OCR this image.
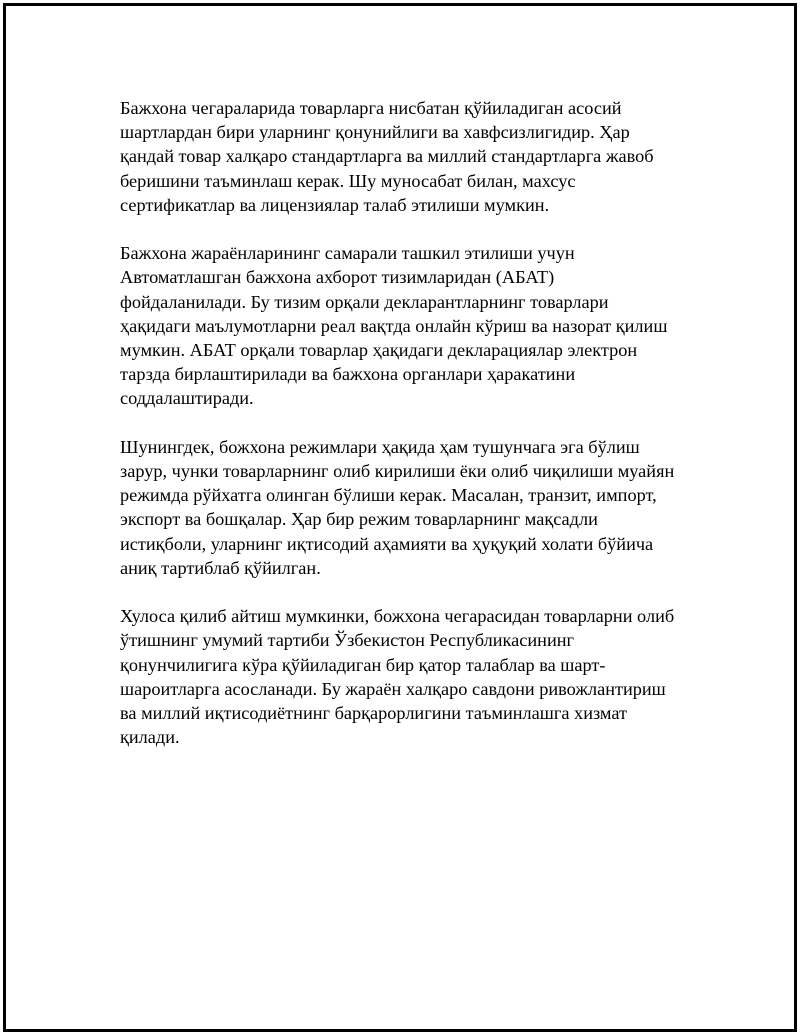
Бажхона чегараларида товарларга нисбатан қўйиладиган асосий
шартлардан бири уларнинг қонунийлиги ва хавфсизлигидир. Ҳар
қандай товар халқаро стандартларга ва миллий стандартларга жавоб
беришини таъминлаш керак. Шу муносабат билан, махсус
сертификатлар ва лицензиялар талаб этилиши мумкин.

Бажхона жараёнларининг самарали ташкил этилиши учун
Автоматлашган бажхона ахборот тизимларидан (АБАТ)
фойдаланилади. Бу тизим орқали декларантларнинг товарлари
ҳақидаги маълумотларни реал вақтда онлайн кўриш ва назорат қилиш
мумкин. АБАТ орқали товарлар ҳақидаги декларациялар электрон
тарзда бирлаштирилади ва бажхона органлари ҳаракатини
соддалаштиради.

Шунингдек, божхона режимлари ҳақида ҳам тушунчага эга бўлиш
зарур, чунки товарларнинг олиб кирилиши ёки олиб чиқилиши муайян
режимда рўйхатга олинган бўлиши керак. Масалан, транзит, импорт,
экспорт ва бошқалар. Ҳар бир режим товарларнинг мақсадли
истиқболи, уларнинг иқтисодий аҳамияти ва ҳуқуқий холати бўйича
аниқ тартиблаб қўйилган.

Хулоса қилиб айтиш мумкинки, божхона чегарасидан товарларни олиб
ўтишнинг умумий тартиби Ўзбекистон Республикасининг
қонунчилигига кўра қўйиладиган бир қатор талаблар ва шарт-
шароитларга асосланади. Бу жараён халқаро савдони ривожлантириш
ва миллий иқтисодиётнинг барқарорлигини таъминлашга хизмат
қилади.
